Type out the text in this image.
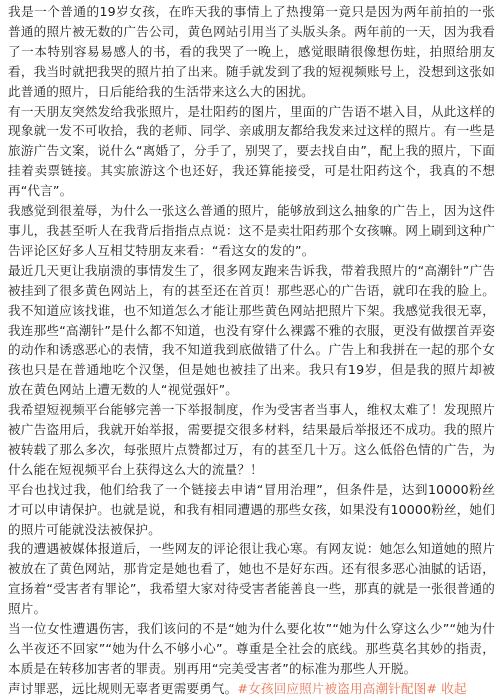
我是一个普通的19岁女孩，在昨天我的事情上了热搜第一竟只是因为两年前拍的一张普通的照片被无数的广告公司，黄色网站引用当了头版头条。两年前的一天，因为我看了一本特别容易易感人的书，看的我哭了一晚上，感觉眼睛很像想伤蛀，拍照给朋友看，我当时就把我哭的照片拍了出来。随手就发到了我的短视频账号上，没想到这张如此普通的照片，日后能给我的生活带来这么大的困扰。

有一天朋友突然发给我张照片，是壮阳药的图片，里面的广告语不堪入目，从此这样的现象就一发不可收拾，我的老师、同学、亲戚朋友都给我发来过这样的照片。有一些是旅游广告文案，说什么“离婚了，分手了，别哭了，要去找自由”，配上我的照片，下面挂着卖票链接。其实旅游这个也还好，我还算能接受，可是壮阳药这个，我真的不想再“代言”。

我感觉到很羞辱，为什么一张这么普通的照片，能够放到这么抽象的广告上，因为这件事儿，我甚至听人在我背后指指点点说：这不是卖壮阳药那个女孩嘛。网上刷到这种广告评论区好多人互相艾特朋友来看：“看这女的发的”。

最近几天更让我崩溃的事情发生了，很多网友跑来告诉我，带着我照片的“高潮针”广告被挂到了很多黄色网站上，有的甚至还在首页！那些恶心的广告语，就印在我的脸上。我不知道应该找谁，也不知道怎么才能让那些黄色网站把照片下架。我感觉我很无辜，我连那些“高潮针”是什么都不知道，也没有穿什么裸露不雅的衣服，更没有做摆首弄姿的动作和诱惑恶心的表情，我不知道我到底做错了什么。广告上和我拼在一起的那个女孩也只是在普通地吃个汉堡，但是她也被挂了出来。我只有19岁，但是我的照片却被放在黄色网站上遭无数的人“视觉强奸”。

我希望短视频平台能够完善一下举报制度，作为受害者当事人，维权太难了！发现照片被广告盗用后，我就开始举报，需要提交很多材料，结果最后举报还不成功。我的照片被转载了那么多次，每张照片点赞都过万，有的甚至几十万。这么低俗色情的广告，为什么能在短视频平台上获得这么大的流量？！

平台也找过我，他们给我了一个链接去申请“冒用治理”，但条件是，达到10000粉丝才可以申请保护。也就是说，和我有相同遭遇的那些女孩，如果没有10000粉丝，她们的照片可能就没法被保护。

我的遭遇被媒体报道后，一些网友的评论很让我心寒。有网友说：她怎么知道她的照片被放在了黄色网站，那肯定是她也看了，她也不是好东西。还有很多恶心油腻的话语，宣扬着“受害者有罪论”，我希望大家对待受害者能善良一些，那真的就是一张很普通的照片。

当一位女性遭遇伤害，我们该问的不是“她为什么要化妆”“她为什么穿这么少”“她为什么半夜还不回家”“她为什么不够小心”。尊重是全社会的底线。那些莫名其妙的指责，本质是在转移加害者的罪责。别再用“完美受害者”的标准为那些人开脱。

声讨罪恶，远比规则无辜者更需要勇气。#女孩回应照片被盗用高潮针配图# 收起
